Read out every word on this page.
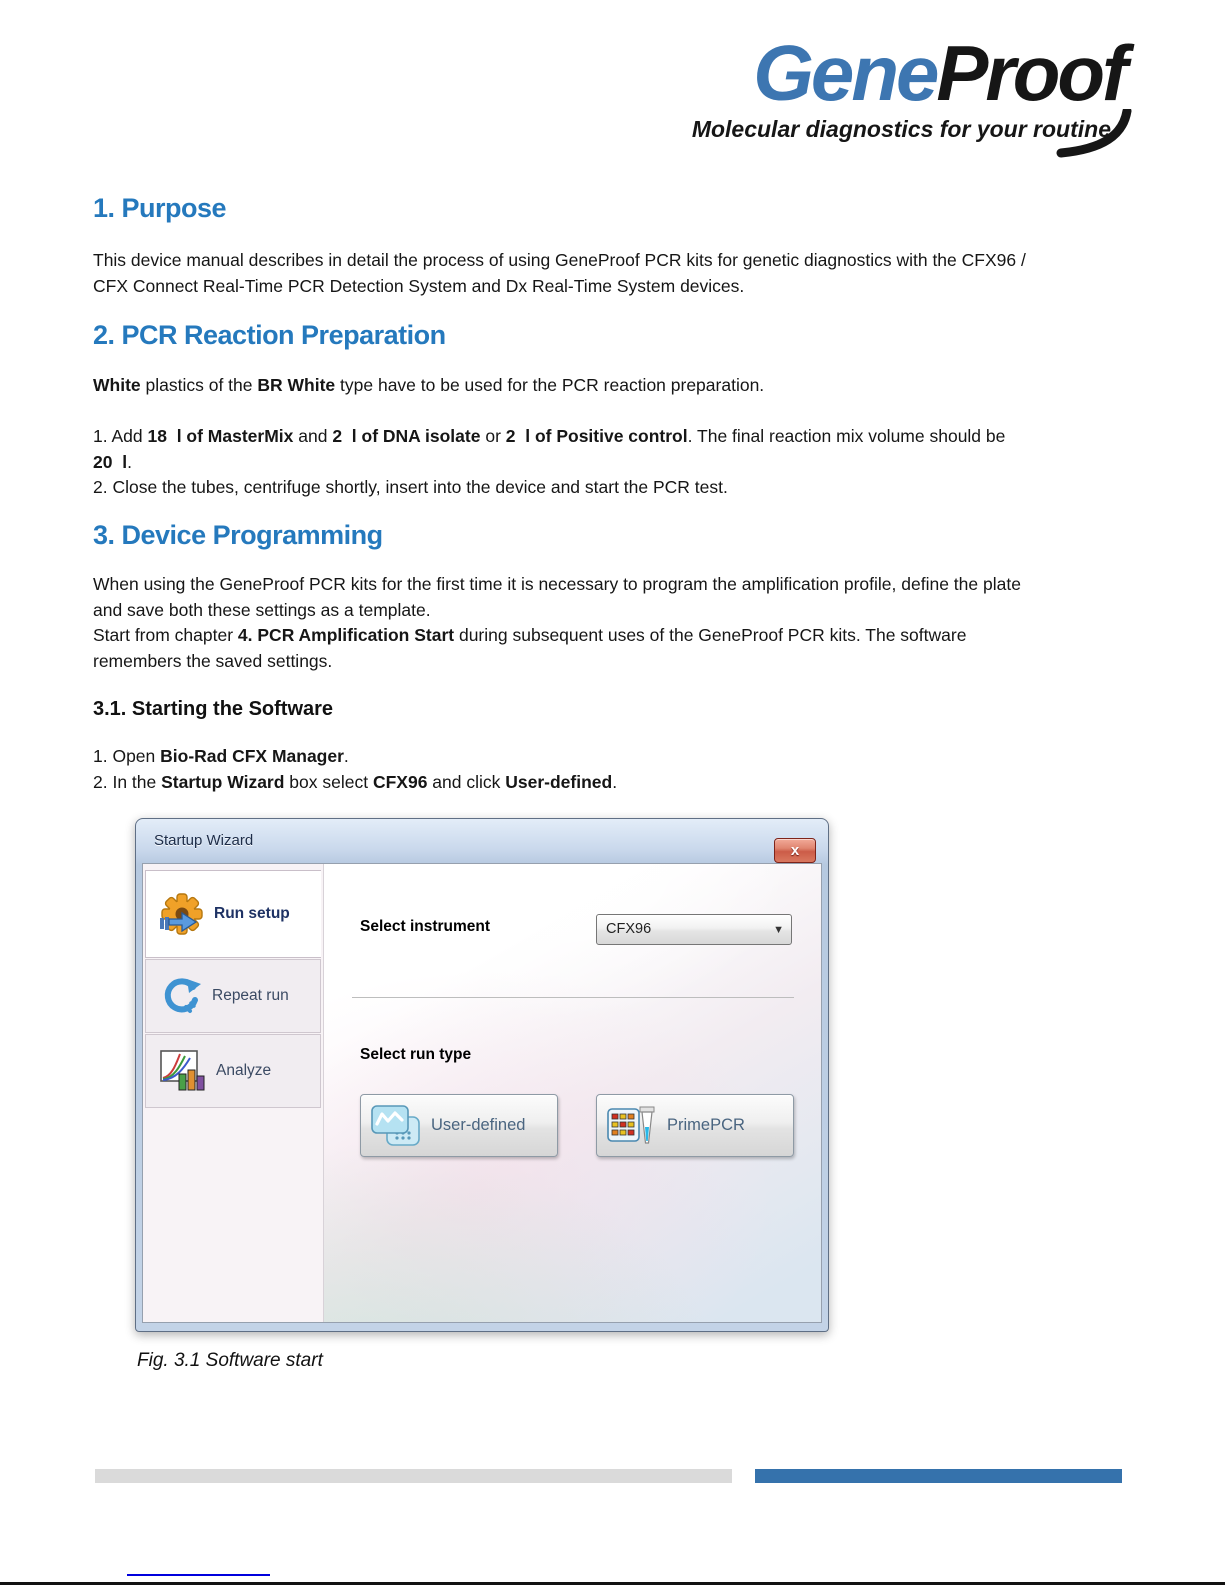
GeneProof
Molecular diagnostics for your routine
1. Purpose

This device manual describes in detail the process of using GeneProof PCR kits for genetic diagnostics with the CFX96 /
CFX Connect Real-Time PCR Detection System and Dx Real-Time System devices.

2. PCR Reaction Preparation

White plastics of the BR White type have to be used for the PCR reaction preparation.

1. Add 18  l of MasterMix and 2  l of DNA isolate or 2  l of Positive control. The final reaction mix volume should be
20  l.
2. Close the tubes, centrifuge shortly, insert into the device and start the PCR test.

3. Device Programming

When using the GeneProof PCR kits for the first time it is necessary to program the amplification profile, define the plate
and save both these settings as a template.
Start from chapter 4. PCR Amplification Start during subsequent uses of the GeneProof PCR kits. The software
remembers the saved settings.

3.1. Starting the Software

1. Open Bio-Rad CFX Manager.
2. In the Startup Wizard box select CFX96 and click User-defined.

Startup Wizard
x
Run setup
Repeat run
Analyze
Select instrument	CFX96	▼
Select run type
User-defined	PrimePCR
Fig. 3.1 Software start
